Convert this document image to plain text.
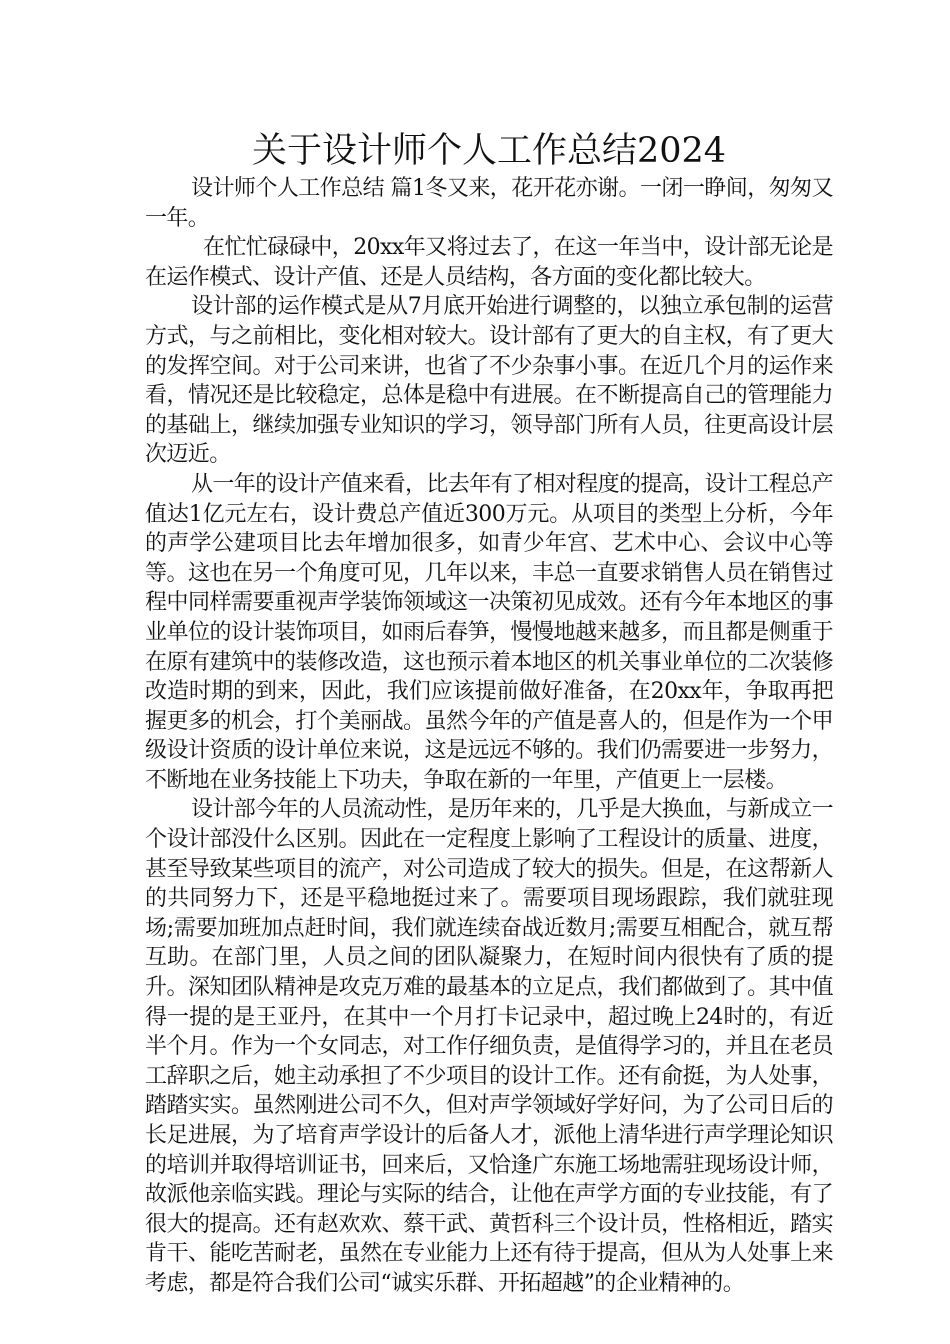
关于设计师个人工作总结2024

设计师个人工作总结 篇1冬又来，花开花亦谢。一闭一睁间，匆匆又一年。

在忙忙碌碌中，20xx年又将过去了，在这一年当中，设计部无论是在运作模式、设计产值、还是人员结构，各方面的变化都比较大。

设计部的运作模式是从7月底开始进行调整的，以独立承包制的运营方式，与之前相比，变化相对较大。设计部有了更大的自主权，有了更大的发挥空间。对于公司来讲，也省了不少杂事小事。在近几个月的运作来看，情况还是比较稳定，总体是稳中有进展。在不断提高自己的管理能力的基础上，继续加强专业知识的学习，领导部门所有人员，往更高设计层次迈近。

从一年的设计产值来看，比去年有了相对程度的提高，设计工程总产值达1亿元左右，设计费总产值近300万元。从项目的类型上分析，今年的声学公建项目比去年增加很多，如青少年宫、艺术中心、会议中心等等。这也在另一个角度可见，几年以来，丰总一直要求销售人员在销售过程中同样需要重视声学装饰领域这一决策初见成效。还有今年本地区的事业单位的设计装饰项目，如雨后春笋，慢慢地越来越多，而且都是侧重于在原有建筑中的装修改造，这也预示着本地区的机关事业单位的二次装修改造时期的到来，因此，我们应该提前做好准备，在20xx年，争取再把握更多的机会，打个美丽战。虽然今年的产值是喜人的，但是作为一个甲级设计资质的设计单位来说，这是远远不够的。我们仍需要进一步努力，不断地在业务技能上下功夫，争取在新的一年里，产值更上一层楼。

设计部今年的人员流动性，是历年来的，几乎是大换血，与新成立一个设计部没什么区别。因此在一定程度上影响了工程设计的质量、进度，甚至导致某些项目的流产，对公司造成了较大的损失。但是，在这帮新人的共同努力下，还是平稳地挺过来了。需要项目现场跟踪，我们就驻现场;需要加班加点赶时间，我们就连续奋战近数月;需要互相配合，就互帮互助。在部门里，人员之间的团队凝聚力，在短时间内很快有了质的提升。深知团队精神是攻克万难的最基本的立足点，我们都做到了。其中值得一提的是王亚丹，在其中一个月打卡记录中，超过晚上24时的，有近半个月。作为一个女同志，对工作仔细负责，是值得学习的，并且在老员工辞职之后，她主动承担了不少项目的设计工作。还有俞挺，为人处事，踏踏实实。虽然刚进公司不久，但对声学领域好学好问，为了公司日后的长足进展，为了培育声学设计的后备人才，派他上清华进行声学理论知识的培训并取得培训证书，回来后，又恰逢广东施工场地需驻现场设计师，故派他亲临实践。理论与实际的结合，让他在声学方面的专业技能，有了很大的提高。还有赵欢欢、蔡干武、黄哲科三个设计员，性格相近，踏实肯干、能吃苦耐老，虽然在专业能力上还有待于提高，但从为人处事上来考虑，都是符合我们公司“诚实乐群、开拓超越”的企业精神的。
